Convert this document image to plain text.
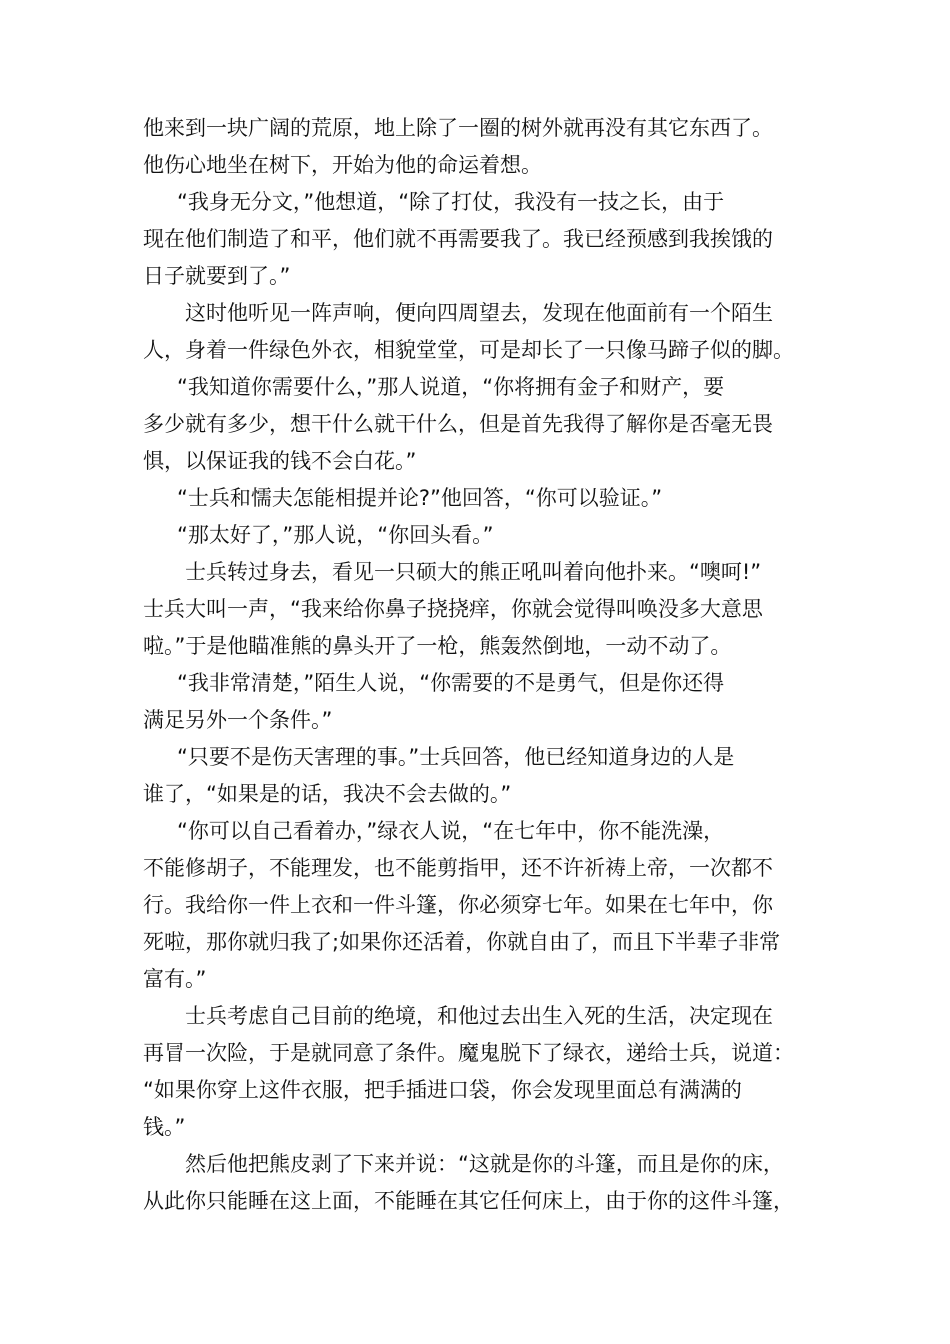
他来到一块广阔的荒原，地上除了一圈的树外就再没有其它东西了。
他伤心地坐在树下，开始为他的命运着想。
“我身无分文，”他想道，“除了打仗，我没有一技之长，由于
现在他们制造了和平，他们就不再需要我了。我已经预感到我挨饿的
日子就要到了。”
这时他听见一阵声响，便向四周望去，发现在他面前有一个陌生
人，身着一件绿色外衣，相貌堂堂，可是却长了一只像马蹄子似的脚。
“我知道你需要什么，”那人说道，“你将拥有金子和财产，要
多少就有多少，想干什么就干什么，但是首先我得了解你是否毫无畏
惧，以保证我的钱不会白花。”
“士兵和懦夫怎能相提并论?”他回答，“你可以验证。”
“那太好了，”那人说，“你回头看。”
士兵转过身去，看见一只硕大的熊正吼叫着向他扑来。“噢呵!”
士兵大叫一声，“我来给你鼻子挠挠痒，你就会觉得叫唤没多大意思
啦。”于是他瞄准熊的鼻头开了一枪，熊轰然倒地，一动不动了。
“我非常清楚，”陌生人说，“你需要的不是勇气，但是你还得
满足另外一个条件。”
“只要不是伤天害理的事。”士兵回答，他已经知道身边的人是
谁了，“如果是的话，我决不会去做的。”
“你可以自己看着办，”绿衣人说，“在七年中，你不能洗澡，
不能修胡子，不能理发，也不能剪指甲，还不许祈祷上帝，一次都不
行。我给你一件上衣和一件斗篷，你必须穿七年。如果在七年中，你
死啦，那你就归我了;如果你还活着，你就自由了，而且下半辈子非常
富有。”
士兵考虑自己目前的绝境，和他过去出生入死的生活，决定现在
再冒一次险，于是就同意了条件。魔鬼脱下了绿衣，递给士兵，说道：
“如果你穿上这件衣服，把手插进口袋，你会发现里面总有满满的
钱。”
然后他把熊皮剥了下来并说：“这就是你的斗篷，而且是你的床，
从此你只能睡在这上面，不能睡在其它任何床上，由于你的这件斗篷，
